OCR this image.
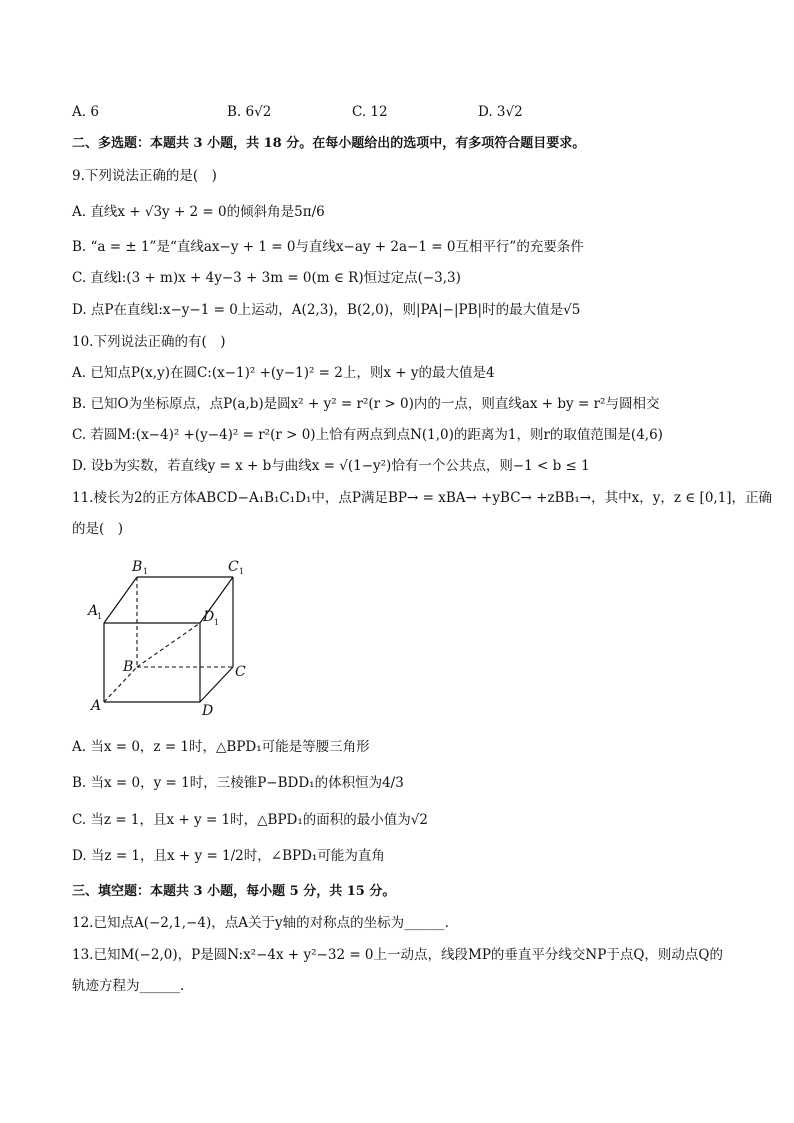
A. 6	B. 6√2	C. 12	D. 3√2
二、多选题：本题共 3 小题，共 18 分。在每小题给出的选项中，有多项符合题目要求。
9.下列说法正确的是(　)
A. 直线x + √3y + 2 = 0的倾斜角是5π/6
B. “a = ± 1”是“直线ax−y + 1 = 0与直线x−ay + 2a−1 = 0互相平行”的充要条件
C. 直线l:(3 + m)x + 4y−3 + 3m = 0(m ∈ R)恒过定点(−3,3)
D. 点P在直线l:x−y−1 = 0上运动，A(2,3)，B(2,0)，则|PA|−|PB|时的最大值是√5
10.下列说法正确的有(　)
A. 已知点P(x,y)在圆C:(x−1)² +(y−1)² = 2上，则x + y的最大值是4
B. 已知O为坐标原点，点P(a,b)是圆x² + y² = r²(r > 0)内的一点，则直线ax + by = r²与圆相交
C. 若圆M:(x−4)² +(y−4)² = r²(r > 0)上恰有两点到点N(1,0)的距离为1，则r的取值范围是(4,6)
D. 设b为实数，若直线y = x + b与曲线x = √(1−y²)恰有一个公共点，则−1 < b ≤ 1
11.棱长为2的正方体ABCD−A₁B₁C₁D₁中，点P满足BP→ = xBA→ +yBC→ +zBB₁→，其中x，y，z ∈ [0,1]，正确
的是(　)
B 1	C 1
A
1	D 1
B	C
A	D
A. 当x = 0，z = 1时，△BPD₁可能是等腰三角形
B. 当x = 0，y = 1时，三棱锥P−BDD₁的体积恒为4/3
C. 当z = 1，且x + y = 1时，△BPD₁的面积的最小值为√2
D. 当z = 1，且x + y = 1/2时，∠BPD₁可能为直角
三、填空题：本题共 3 小题，每小题 5 分，共 15 分。
12.已知点A(−2,1,−4)，点A关于y轴的对称点的坐标为______.
13.已知M(−2,0)，P是圆N:x²−4x + y²−32 = 0上一动点，线段MP的垂直平分线交NP于点Q，则动点Q的
轨迹方程为______.
